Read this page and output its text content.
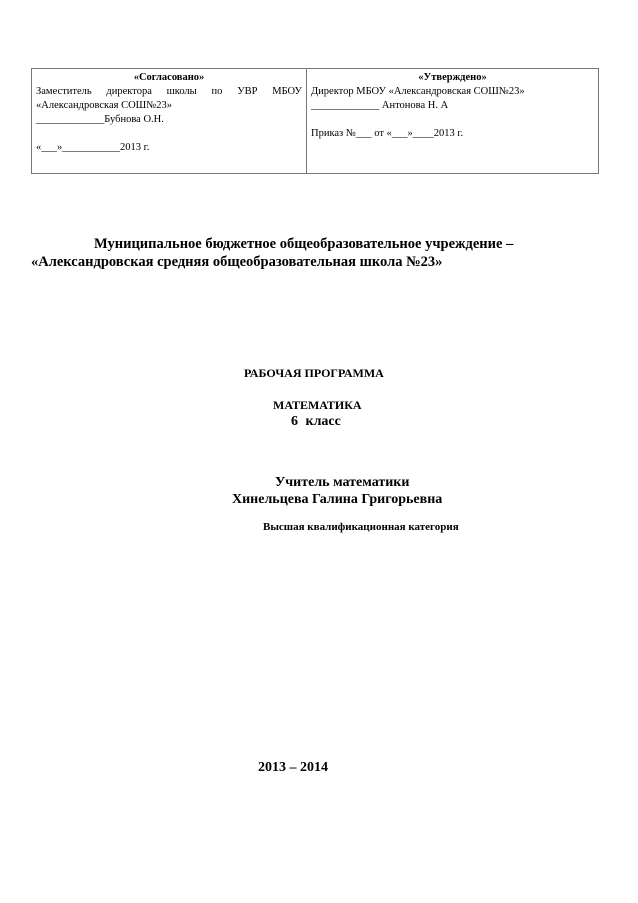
«Согласовано»
Заместитель директора школы по УВР МБОУ
«Александровская СОШ№23»
_____________Бубнова О.Н.
«___»___________2013 г.
«Утверждено»
Директор МБОУ «Александровская СОШ№23»
_____________ Антонова Н. А
Приказ №___ от «___»____2013 г.
Муниципальное бюджетное общеобразовательное учреждение –
«Александровская средняя общеобразовательная школа №23»
РАБОЧАЯ ПРОГРАММА
МАТЕМАТИКА
6 класс
Учитель математики
Хинельцева Галина Григорьевна
Высшая квалификационная категория
2013 – 2014
